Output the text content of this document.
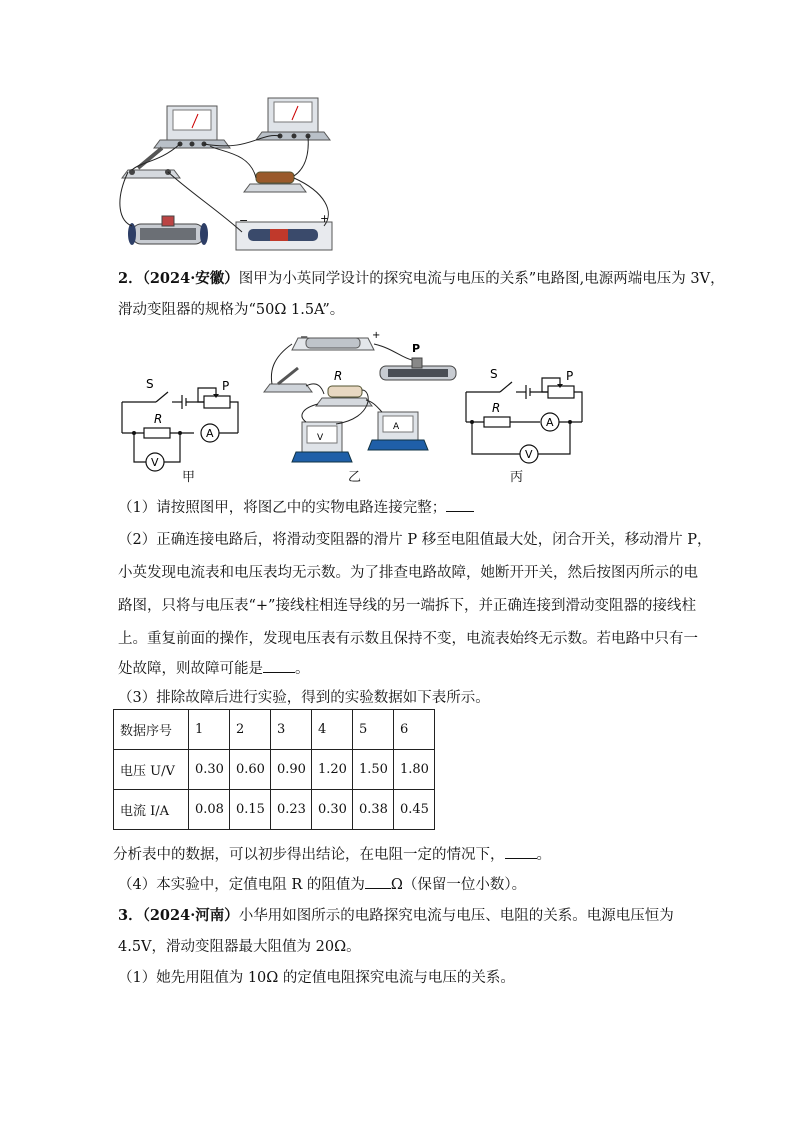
−	+
2．（2024·安徽）图甲为小英同学设计的探究电流与电压的关系”电路图,电源两端电压为 3V，
滑动变阻器的规格为“50Ω 1.5A”。
S	P
R
A
V
甲
−	+
P
R
V
A
乙
S	P
R
A
V
丙
（1）请按照图甲，将图乙中的实物电路连接完整；
（2）正确连接电路后，将滑动变阻器的滑片 P 移至电阻值最大处，闭合开关，移动滑片 P，
小英发现电流表和电压表均无示数。为了排查电路故障，她断开开关，然后按图丙所示的电
路图，只将与电压表“+”接线柱相连导线的另一端拆下，并正确连接到滑动变阻器的接线柱
上。重复前面的操作，发现电压表有示数且保持不变，电流表始终无示数。若电路中只有一
处故障，则故障可能是 。
（3）排除故障后进行实验，得到的实验数据如下表所示。
数据序号	1	2	3	4	5	6
电压 U/V	0.30	0.60	0.90	1.20	1.50	1.80
电流 I/A	0.08	0.15	0.23	0.30	0.38	0.45
分析表中的数据，可以初步得出结论，在电阻一定的情况下， 。
（4）本实验中，定值电阻 R 的阻值为 Ω（保留一位小数）。
3．（2024·河南）小华用如图所示的电路探究电流与电压、电阻的关系。电源电压恒为
4.5V，滑动变阻器最大阻值为 20Ω。
（1）她先用阻值为 10Ω 的定值电阻探究电流与电压的关系。
